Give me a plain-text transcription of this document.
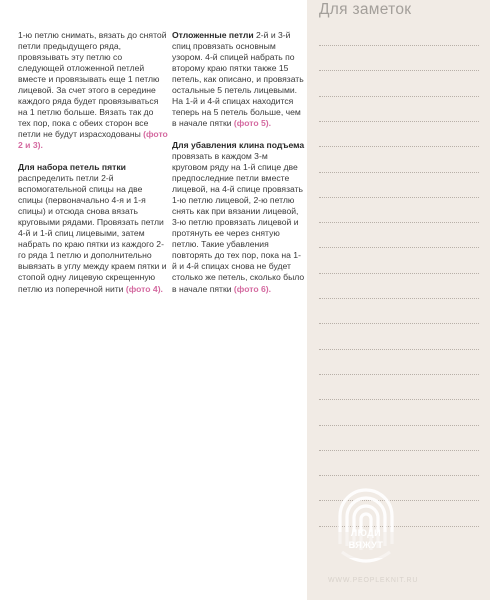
1-ю петлю снимать, вязать до снятой петли предыдущего ряда, провязывать эту петлю со следующей отложенной петлей вместе и провязывать еще 1 петлю лицевой. За счет этого в середине каждого ряда будет провязываться на 1 петлю больше. Вязать так до тех пор, пока с обеих сторон все петли не будут израсходованы (фото 2 и 3).

Для набора петель пятки
распределить петли 2-й вспомогательной спицы на две спицы (первоначально 4-я и 1-я спицы) и отсюда снова вязать круговыми рядами. Провязать петли 4-й и 1-й спиц лицевыми, затем набрать по краю пятки из каждого 2-го ряда 1 петлю и дополнительно вывязать в углу между краем пятки и стопой одну лицевую скрещенную петлю из поперечной нити (фото 4).

Отложенные петли 2-й и 3-й спиц провязать основным узором. 4-й спицей набрать по второму краю пятки также 15 петель, как описано, и провязать остальные 5 петель лицевыми. На 1-й и 4-й спицах находится теперь на 5 петель больше, чем в начале пятки (фото 5).

Для убавления клина подъема провязать в каждом 3-м круговом ряду на 1-й спице две предпоследние петли вместе лицевой, на 4-й спице провязать 1-ю петлю лицевой, 2-ю петлю снять как при вязании лицевой, 3-ю петлю провязать лицевой и протянуть ее через снятую петлю. Такие убавления повторять до тех пор, пока на 1-й и 4-й спицах снова не будет столько же петель, сколько было в начале пятки (фото 6).

Для заметок
ЛЮДИ
ВЯЖУТ
WWW.PEOPLEKNIT.RU
